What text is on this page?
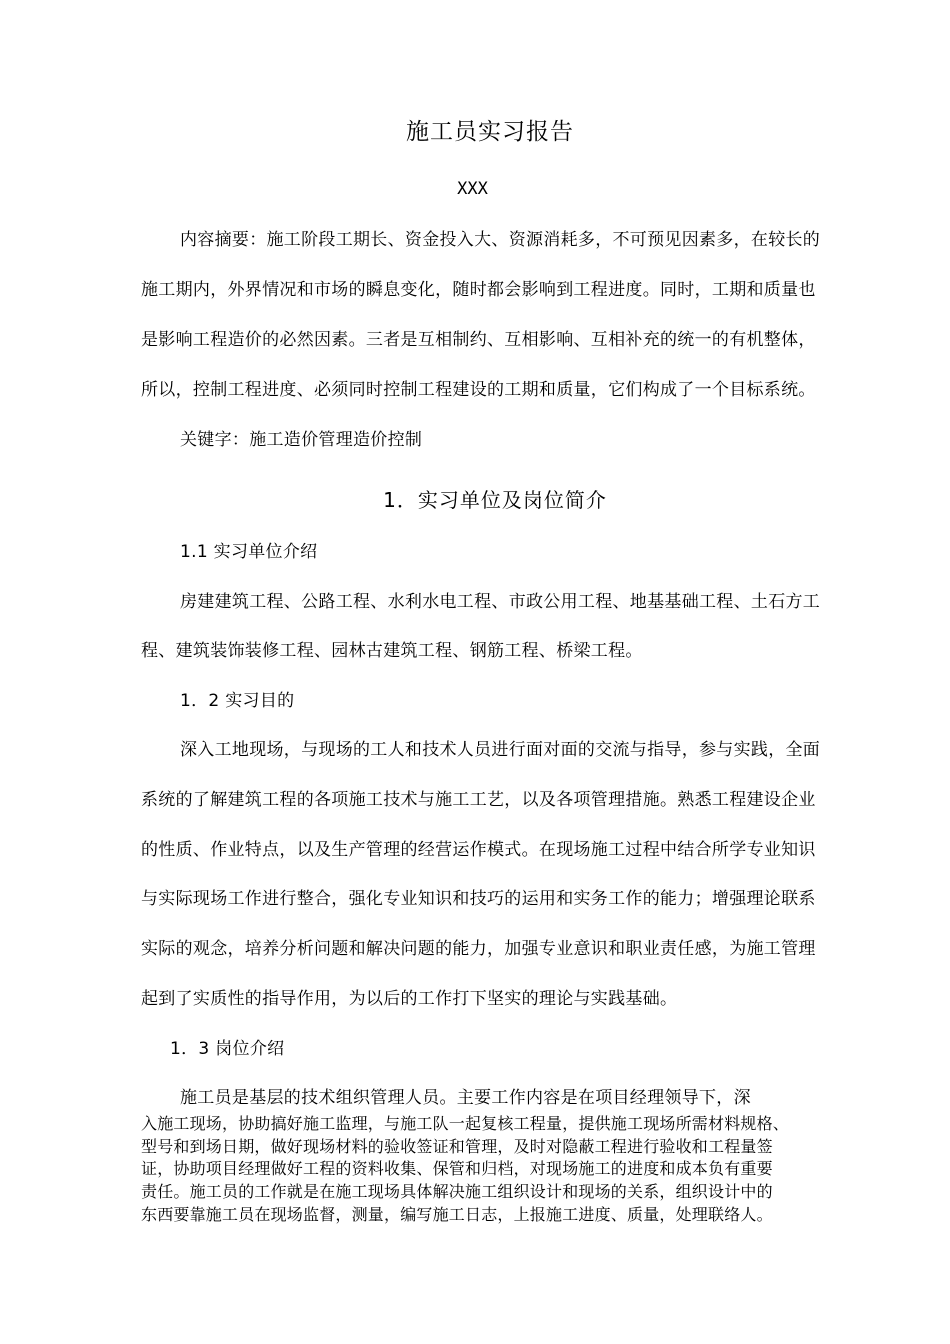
施工员实习报告
XXX
内容摘要：施工阶段工期长、资金投入大、资源消耗多，不可预见因素多，在较长的
施工期内，外界情况和市场的瞬息变化，随时都会影响到工程进度。同时，工期和质量也
是影响工程造价的必然因素。三者是互相制约、互相影响、互相补充的统一的有机整体，
所以，控制工程进度、必须同时控制工程建设的工期和质量，它们构成了一个目标系统。
关键字：施工造价管理造价控制
1．实习单位及岗位简介
1.1 实习单位介绍
房建建筑工程、公路工程、水利水电工程、市政公用工程、地基基础工程、土石方工
程、建筑装饰装修工程、园林古建筑工程、钢筋工程、桥梁工程。
1．2 实习目的
深入工地现场，与现场的工人和技术人员进行面对面的交流与指导，参与实践，全面
系统的了解建筑工程的各项施工技术与施工工艺，以及各项管理措施。熟悉工程建设企业
的性质、作业特点，以及生产管理的经营运作模式。在现场施工过程中结合所学专业知识
与实际现场工作进行整合，强化专业知识和技巧的运用和实务工作的能力；增强理论联系
实际的观念，培养分析问题和解决问题的能力，加强专业意识和职业责任感，为施工管理
起到了实质性的指导作用，为以后的工作打下坚实的理论与实践基础。
1．3 岗位介绍
施工员是基层的技术组织管理人员。主要工作内容是在项目经理领导下，深
入施工现场，协助搞好施工监理，与施工队一起复核工程量，提供施工现场所需材料规格、
型号和到场日期，做好现场材料的验收签证和管理，及时对隐蔽工程进行验收和工程量签
证，协助项目经理做好工程的资料收集、保管和归档，对现场施工的进度和成本负有重要
责任。施工员的工作就是在施工现场具体解决施工组织设计和现场的关系，组织设计中的
东西要靠施工员在现场监督，测量，编写施工日志，上报施工进度、质量，处理联络人。
